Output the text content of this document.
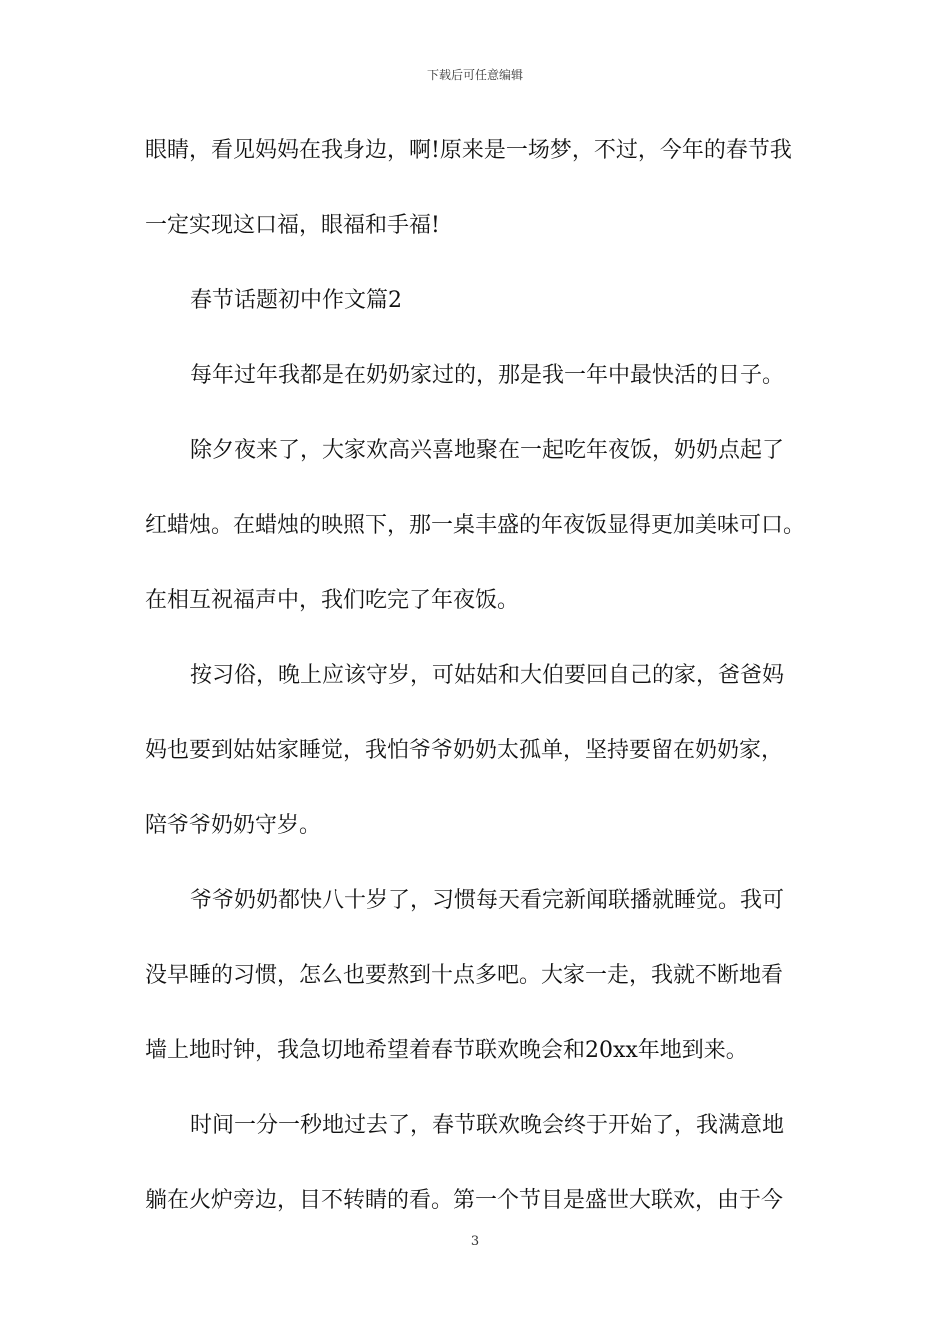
下载后可任意编辑
眼睛，看见妈妈在我身边，啊!原来是一场梦，不过，今年的春节我
一定实现这口福，眼福和手福!
春节话题初中作文篇2
每年过年我都是在奶奶家过的，那是我一年中最快活的日子。
除夕夜来了，大家欢高兴喜地聚在一起吃年夜饭，奶奶点起了
红蜡烛。在蜡烛的映照下，那一桌丰盛的年夜饭显得更加美味可口。
在相互祝福声中，我们吃完了年夜饭。
按习俗，晚上应该守岁，可姑姑和大伯要回自己的家，爸爸妈
妈也要到姑姑家睡觉，我怕爷爷奶奶太孤单，坚持要留在奶奶家，
陪爷爷奶奶守岁。
爷爷奶奶都快八十岁了，习惯每天看完新闻联播就睡觉。我可
没早睡的习惯，怎么也要熬到十点多吧。大家一走，我就不断地看
墙上地时钟，我急切地希望着春节联欢晚会和20xx年地到来。
时间一分一秒地过去了，春节联欢晚会终于开始了，我满意地
躺在火炉旁边，目不转睛的看。第一个节目是盛世大联欢，由于今
3
